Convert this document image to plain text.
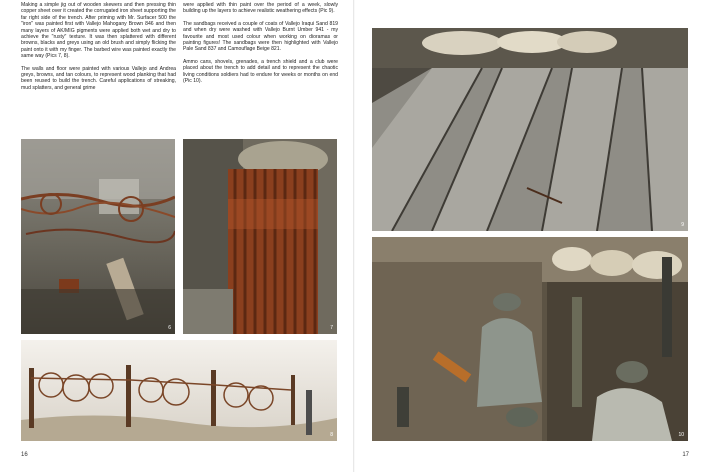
Making a simple jig out of wooden skewers and then pressing thin copper sheet over it created the corrugated iron sheet supporting the far right side of the trench. After priming with Mr. Surfacer 500 the "iron" was painted first with Vallejo Mahogany Brown 846 and then many layers of AK/MIG pigments were applied both wet and dry to achieve the "rusty" texture. It was then splattered with different browns, blacks and greys using an old brush and simply flicking the paint onto it with my finger. The barbed wire was painted exactly the same way (Pics 7, 8).

The walls and floor were painted with various Vallejo and Andrea greys, browns, and tan colours, to represent wood planking that had been reused to build the trench. Careful applications of streaking, mud splatters, and general grime

were applied with thin paint over the period of a week, slowly building up the layers to achieve realistic weathering effects (Pic 9).

The sandbags received a couple of coats of Vallejo Iraqui Sand 819 and when dry were washed with Vallejo Burnt Umber 941 - my favourite and most used colour when working on dioramas or painting figures! The sandbags were then highlighted with Vallejo Pale Sand 837 and Camouflage Beige 821.

Ammo cans, shovels, grenades, a trench shield and a club were placed about the trench to add detail and to represent the chaotic living conditions soldiers had to endure for weeks or months on end (Pic 10).

6	7
8
16
9
10
17
